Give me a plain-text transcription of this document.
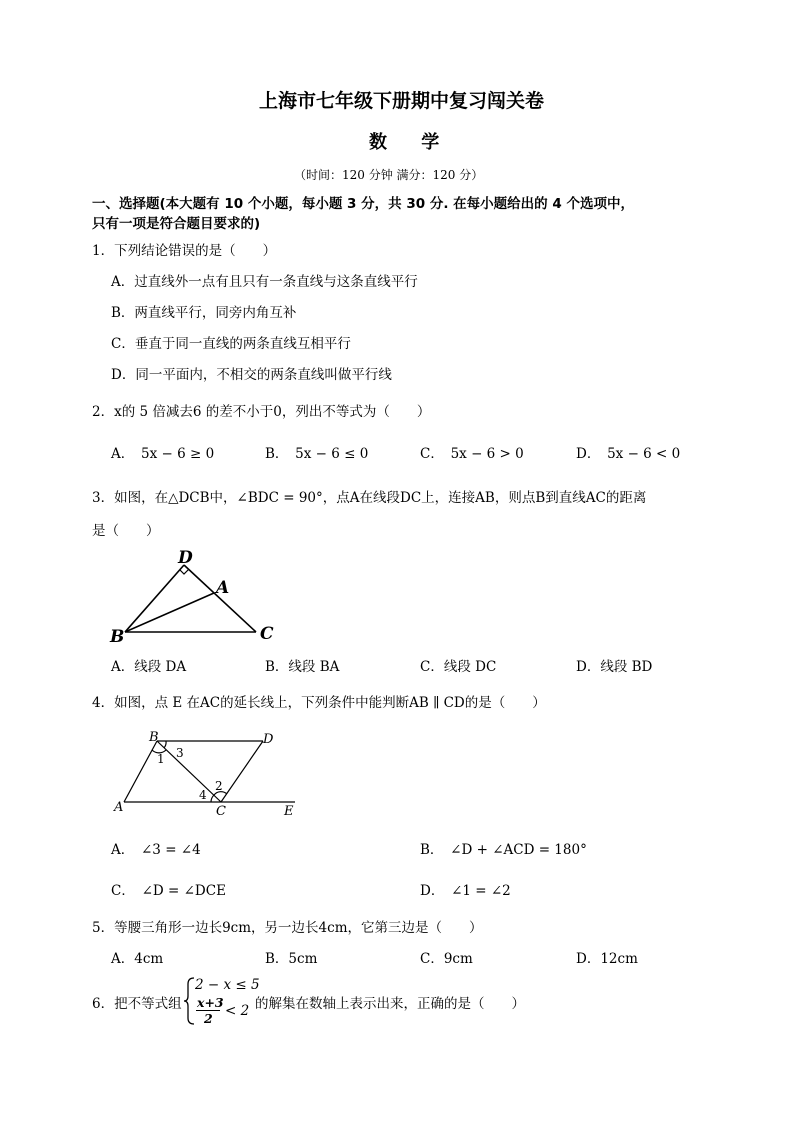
上海市七年级下册期中复习闯关卷
数 学
（时间：120 分钟 满分：120 分）
一、选择题(本大题有 10 个小题，每小题 3 分，共 30 分. 在每小题给出的 4 个选项中，
只有一项是符合题目要求的)
1．下列结论错误的是（　　）
A．过直线外一点有且只有一条直线与这条直线平行
B．两直线平行，同旁内角互补
C．垂直于同一直线的两条直线互相平行
D．同一平面内，不相交的两条直线叫做平行线
2．x的 5 倍减去6 的差不小于0，列出不等式为（　　）
A．　5x − 6 ≥ 0	B．　5x − 6 ≤ 0	C．　5x − 6 > 0	D．　5x − 6 < 0
3．如图，在△DCB中，∠BDC = 90°，点A在线段DC上，连接AB，则点B到直线AC的距离
是（　　）
D
A
B	C
A．线段 DA	B．线段 BA	C．线段 DC	D．线段 BD
4．如图，点 E 在AC的延长线上，下列条件中能判断AB ∥ CD的是（　　）
B	D
1 3
2
4
A	C	E
A．　∠3 = ∠4	B．　∠D + ∠ACD = 180°
C．　∠D = ∠DCE	D．　∠1 = ∠2
5．等腰三角形一边长9cm，另一边长4cm，它第三边是（　　）
A．4cm	B．5cm	C．9cm	D．12cm
6．把不等式组
2 − x ≤ 5
x+3
2 < 2 的解集在数轴上表示出来，正确的是（　　）
